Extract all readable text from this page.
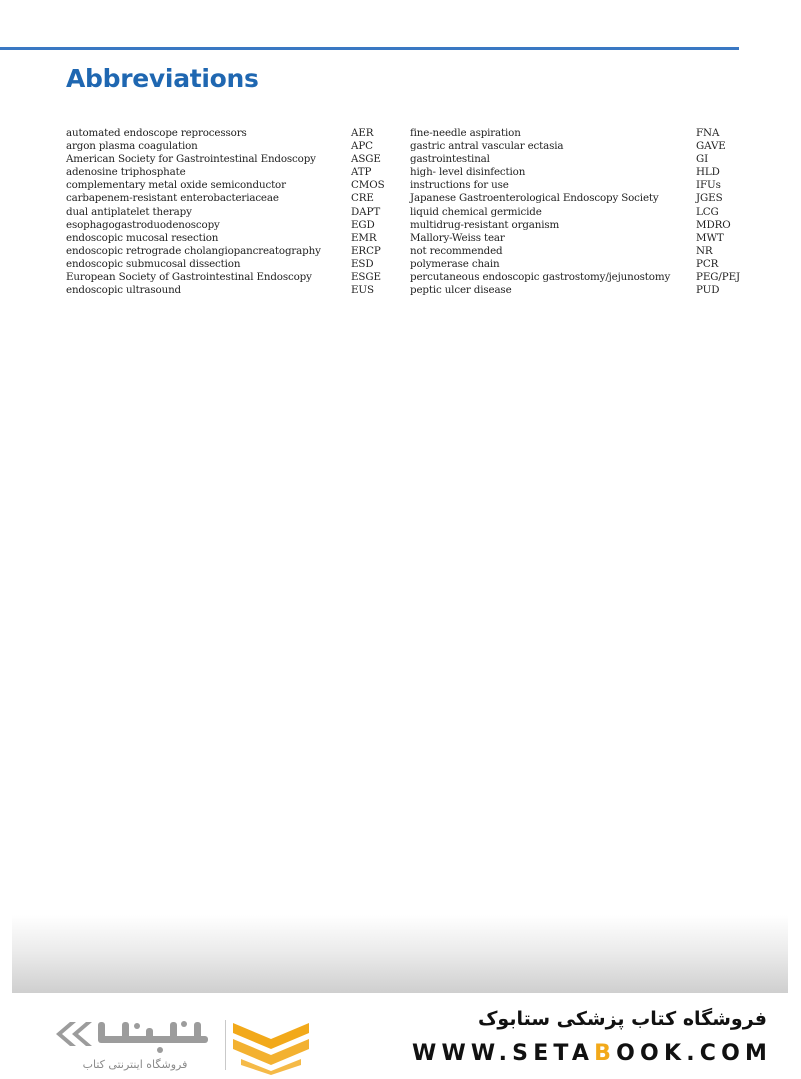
Abbreviations
automated endoscope reprocessors	AER
argon plasma coagulation	APC
American Society for Gastrointestinal Endoscopy	ASGE
adenosine triphosphate	ATP
complementary metal oxide semiconductor	CMOS
carbapenem-resistant enterobacteriaceae	CRE
dual antiplatelet therapy	DAPT
esophagogastroduodenoscopy	EGD
endoscopic mucosal resection	EMR
endoscopic retrograde cholangiopancreatography	ERCP
endoscopic submucosal dissection	ESD
European Society of Gastrointestinal Endoscopy	ESGE
endoscopic ultrasound	EUS
fine-needle aspiration	FNA
gastric antral vascular ectasia	GAVE
gastrointestinal	GI
high- level disinfection	HLD
instructions for use	IFUs
Japanese Gastroenterological Endoscopy Society	JGES
liquid chemical germicide	LCG
multidrug-resistant organism	MDRO
Mallory-Weiss tear	MWT
not recommended	NR
polymerase chain	PCR
percutaneous endoscopic gastrostomy/jejunostomy	PEG/PEJ
peptic ulcer disease	PUD
فروشگاه اینترنتی کتاب
فروشگاه کتاب پزشکی ستابوک
WWW.SETABOOK.COM
